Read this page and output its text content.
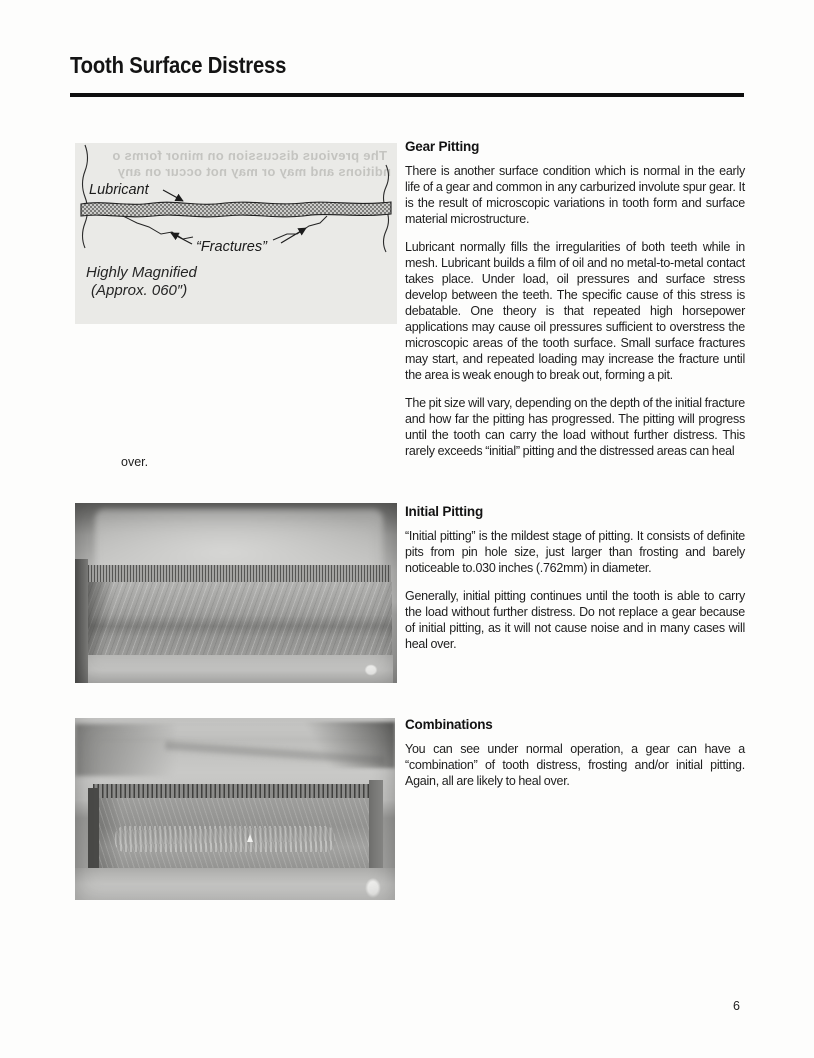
Tooth Surface Distress
The previous discussion on minor forms o
nditions and may or may not occur on any
Lubricant
“Fractures”
Highly Magnified
(Approx. 060″)
Gear Pitting

There is another surface condition which is normal in the early life of a gear and common in any carburized involute spur gear. It is the result of microscopic variations in tooth form and surface material microstructure.

Lubricant normally fills the irregularities of both teeth while in mesh. Lubricant builds a film of oil and no metal-to-metal contact takes place. Under load, oil pressures and surface stress develop between the teeth. The specific cause of this stress is debatable. One theory is that repeated high horsepower applications may cause oil pressures sufficient to overstress the microscopic areas of the tooth surface. Small surface fractures may start, and repeated loading may increase the fracture until the area is weak enough to break out, forming a pit.

The pit size will vary, depending on the depth of the initial fracture and how far the pitting has progressed. The pitting will progress until the tooth can carry the load without further distress. This rarely exceeds “initial” pitting and the distressed areas can heal

over.
Initial Pitting

“Initial pitting” is the mildest stage of pitting. It consists of definite pits from pin hole size, just larger than frosting and barely noticeable to.030 inches (.762mm) in diameter.

Generally, initial pitting continues until the tooth is able to carry the load without further distress. Do not replace a gear because of initial pitting, as it will not cause noise and in many cases will heal over.

Combinations

You can see under normal operation, a gear can have a “combination” of tooth distress, frosting and/or initial pitting. Again, all are likely to heal over.

6
